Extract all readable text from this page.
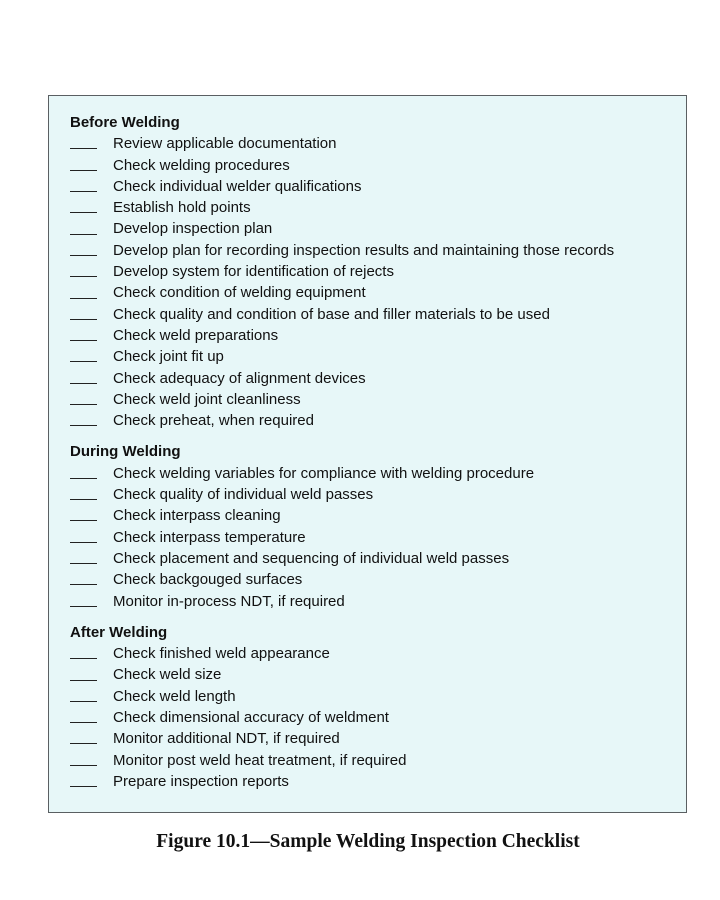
Before Welding
Review applicable documentation
Check welding procedures
Check individual welder qualifications
Establish hold points
Develop inspection plan
Develop plan for recording inspection results and maintaining those records
Develop system for identification of rejects
Check condition of welding equipment
Check quality and condition of base and filler materials to be used
Check weld preparations
Check joint fit up
Check adequacy of alignment devices
Check weld joint cleanliness
Check preheat, when required
During Welding
Check welding variables for compliance with welding procedure
Check quality of individual weld passes
Check interpass cleaning
Check interpass temperature
Check placement and sequencing of individual weld passes
Check backgouged surfaces
Monitor in-process NDT, if required
After Welding
Check finished weld appearance
Check weld size
Check weld length
Check dimensional accuracy of weldment
Monitor additional NDT, if required
Monitor post weld heat treatment, if required
Prepare inspection reports
Figure 10.1—Sample Welding Inspection Checklist
